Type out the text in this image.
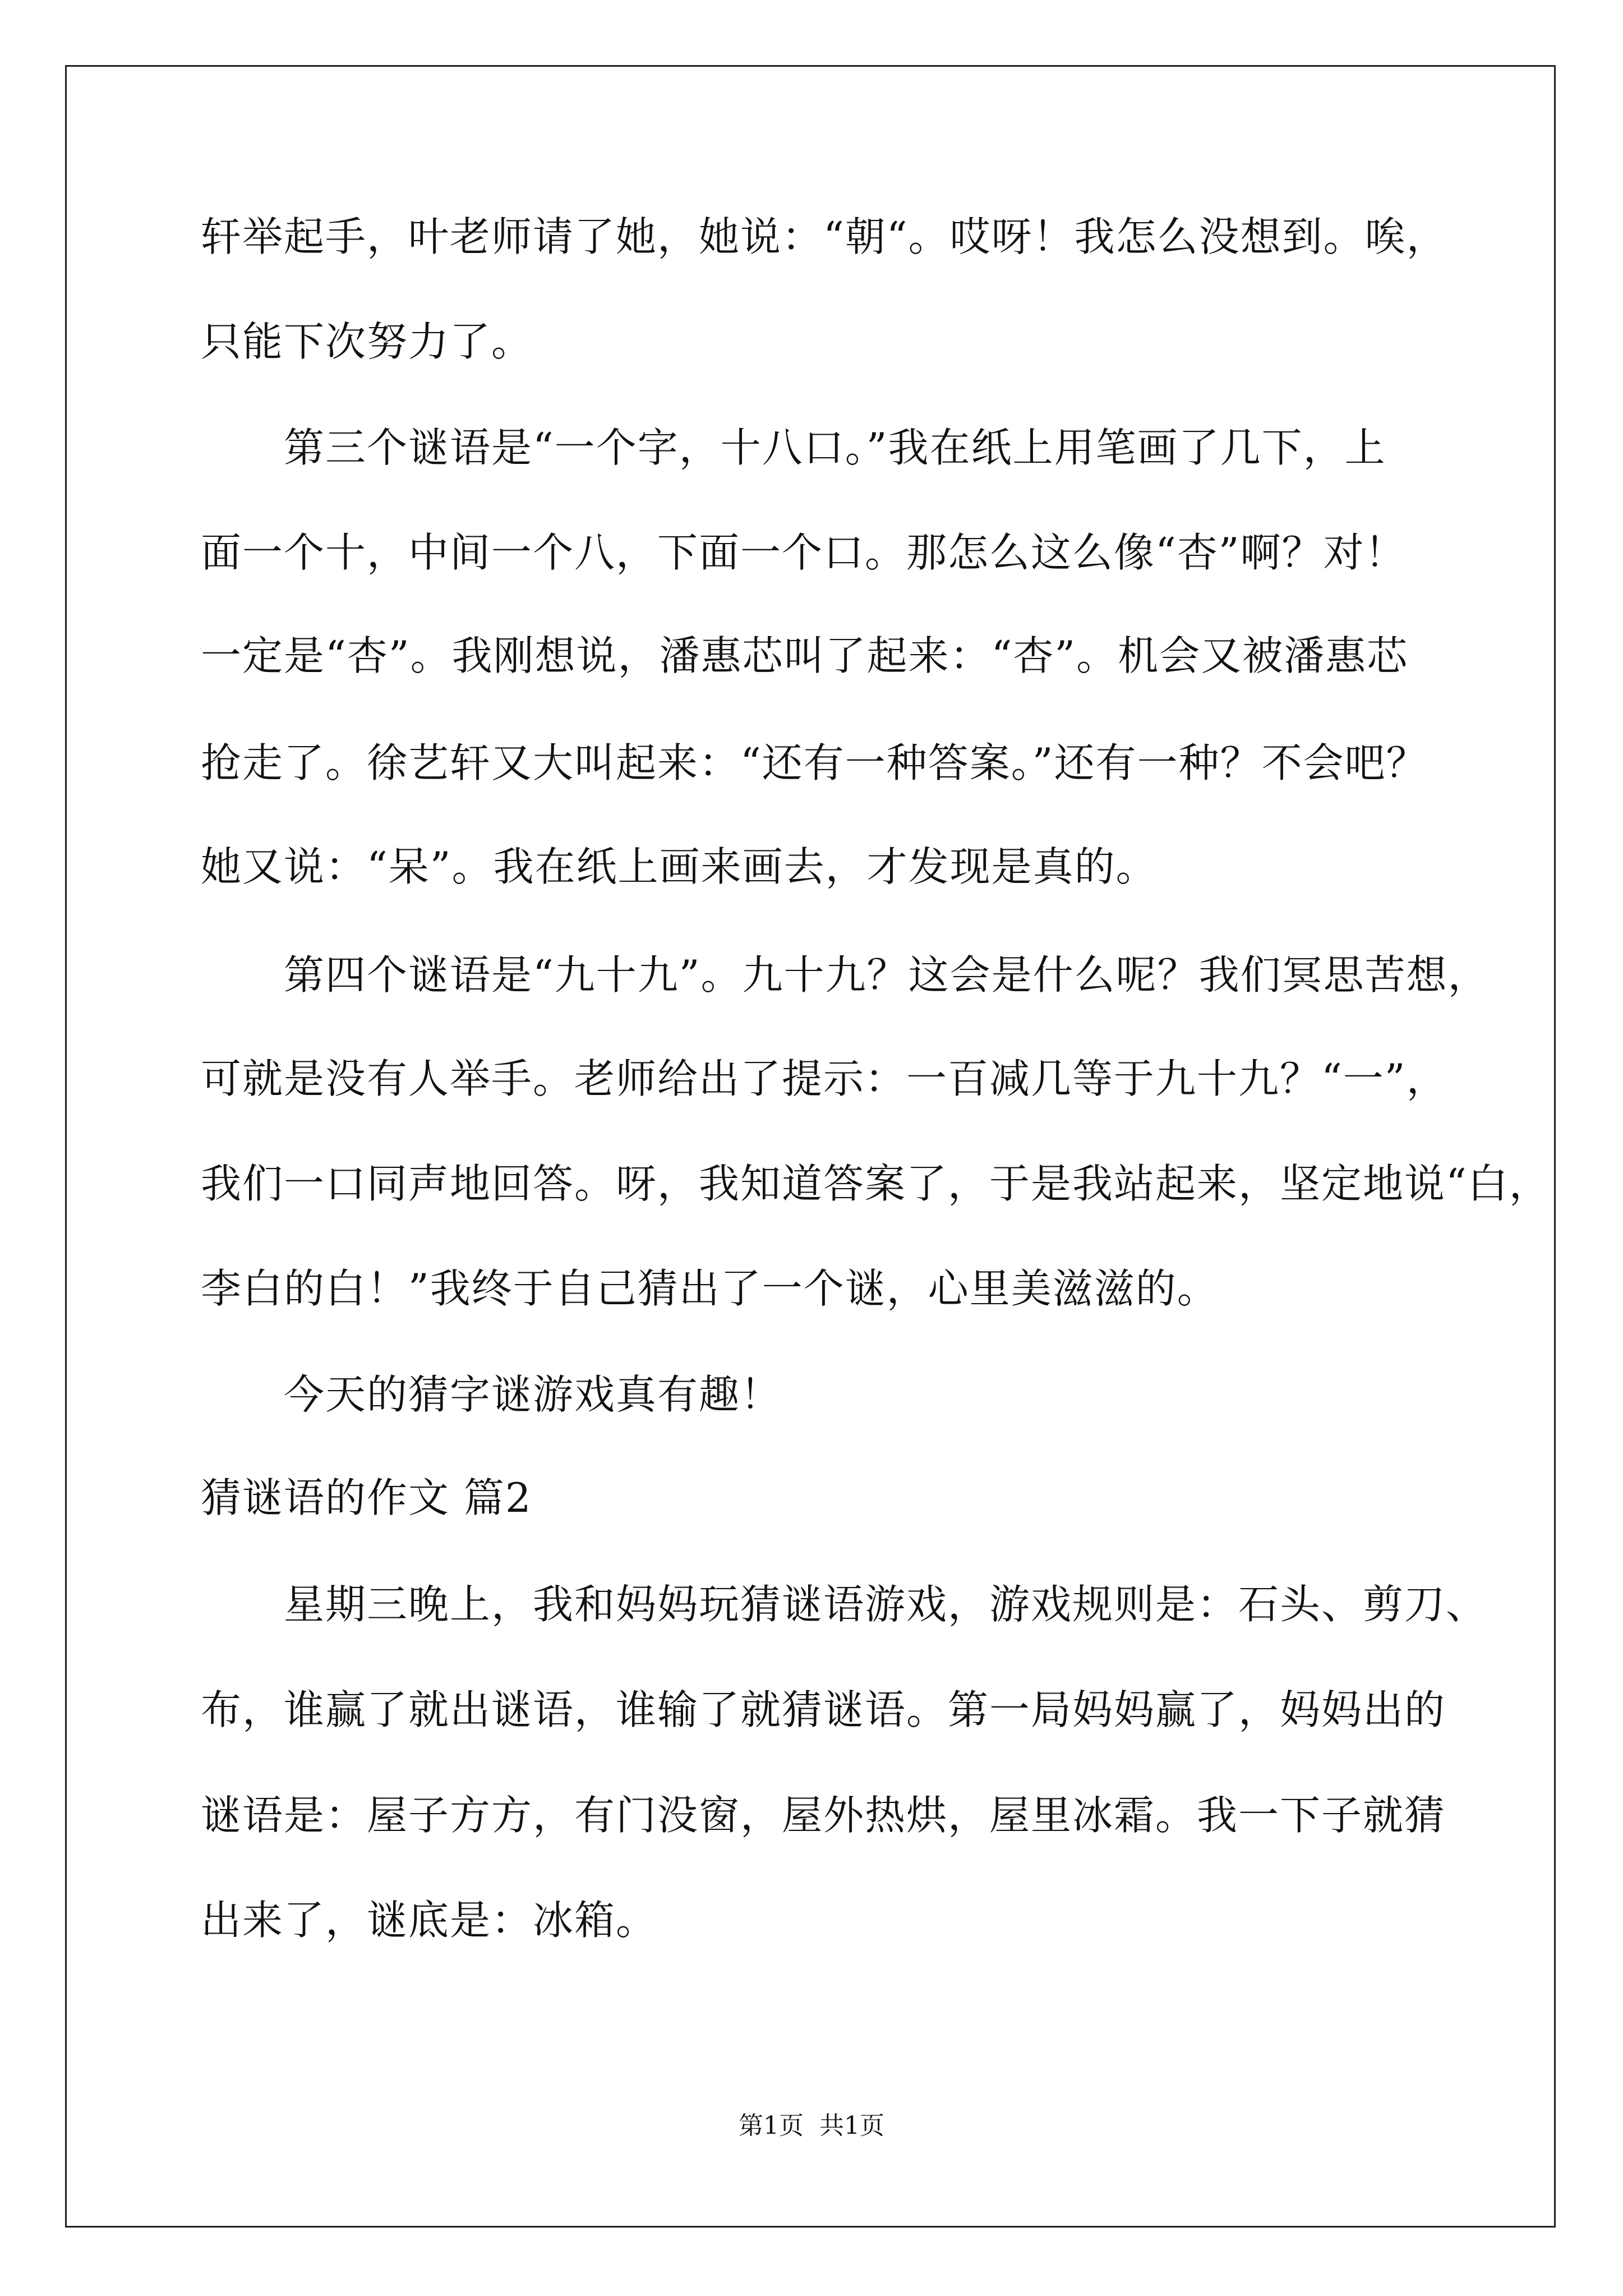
轩举起手，叶老师请了她，她说：“朝“。哎呀！我怎么没想到。唉，
只能下次努力了。
　　第三个谜语是“一个字，十八口。”我在纸上用笔画了几下，上
面一个十，中间一个八，下面一个口。那怎么这么像“杏”啊？对！
一定是“杏”。我刚想说，潘惠芯叫了起来：“杏”。机会又被潘惠芯
抢走了。徐艺轩又大叫起来：“还有一种答案。”还有一种？不会吧？
她又说：“呆”。我在纸上画来画去，才发现是真的。
　　第四个谜语是“九十九”。九十九？这会是什么呢？我们冥思苦想，
可就是没有人举手。老师给出了提示：一百减几等于九十九？“一”，
我们一口同声地回答。呀，我知道答案了，于是我站起来，坚定地说“白，
李白的白！”我终于自己猜出了一个谜，心里美滋滋的。
　　今天的猜字谜游戏真有趣！
猜谜语的作文 篇2
　　星期三晚上，我和妈妈玩猜谜语游戏，游戏规则是：石头、剪刀、
布，谁赢了就出谜语，谁输了就猜谜语。第一局妈妈赢了，妈妈出的
谜语是：屋子方方，有门没窗，屋外热烘，屋里冰霜。我一下子就猜
出来了，谜底是：冰箱。
第1页  共1页
